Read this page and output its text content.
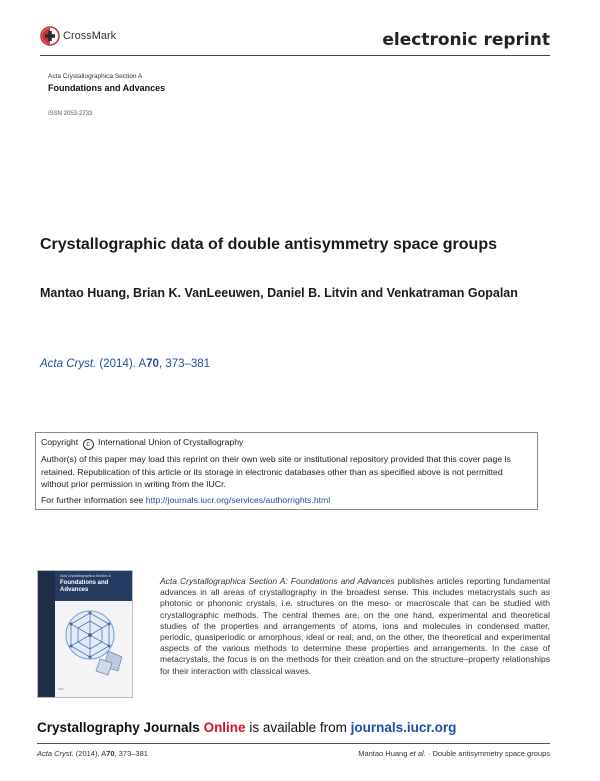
CrossMark	electronic reprint
Acta Crystallographica Section A
Foundations and Advances
ISSN 2053-2733
Crystallographic data of double antisymmetry space groups
Mantao Huang, Brian K. VanLeeuwen, Daniel B. Litvin and Venkatraman Gopalan
Acta Cryst. (2014). A70, 373–381

Copyright c International Union of Crystallography

Author(s) of this paper may load this reprint on their own web site or institutional repository provided that this cover page is retained. Republication of this article or its storage in electronic databases other than as specified above is not permitted without prior permission in writing from the IUCr.

For further information see http://journals.iucr.org/services/authorrights.html

Acta Crystallographica Section A
Foundations and
Advances
IUCr
Acta Crystallographica Section A: Foundations and Advances publishes articles reporting fundamental advances in all areas of crystallography in the broadest sense. This includes metacrystals such as photonic or phononic crystals, i.e. structures on the meso- or macroscale that can be studied with crystallographic methods. The central themes are, on the one hand, experimental and theoretical studies of the properties and arrangements of atoms, ions and molecules in condensed matter, periodic, quasiperiodic or amorphous, ideal or real, and, on the other, the theoretical and experimental aspects of the various methods to determine these properties and arrangements. In the case of metacrystals, the focus is on the methods for their creation and on the structure–property relationships for their interaction with classical waves.
Crystallography Journals Online is available from journals.iucr.org
Acta Cryst. (2014). A70, 373–381	Mantao Huang et al. · Double antisymmetry space groups
